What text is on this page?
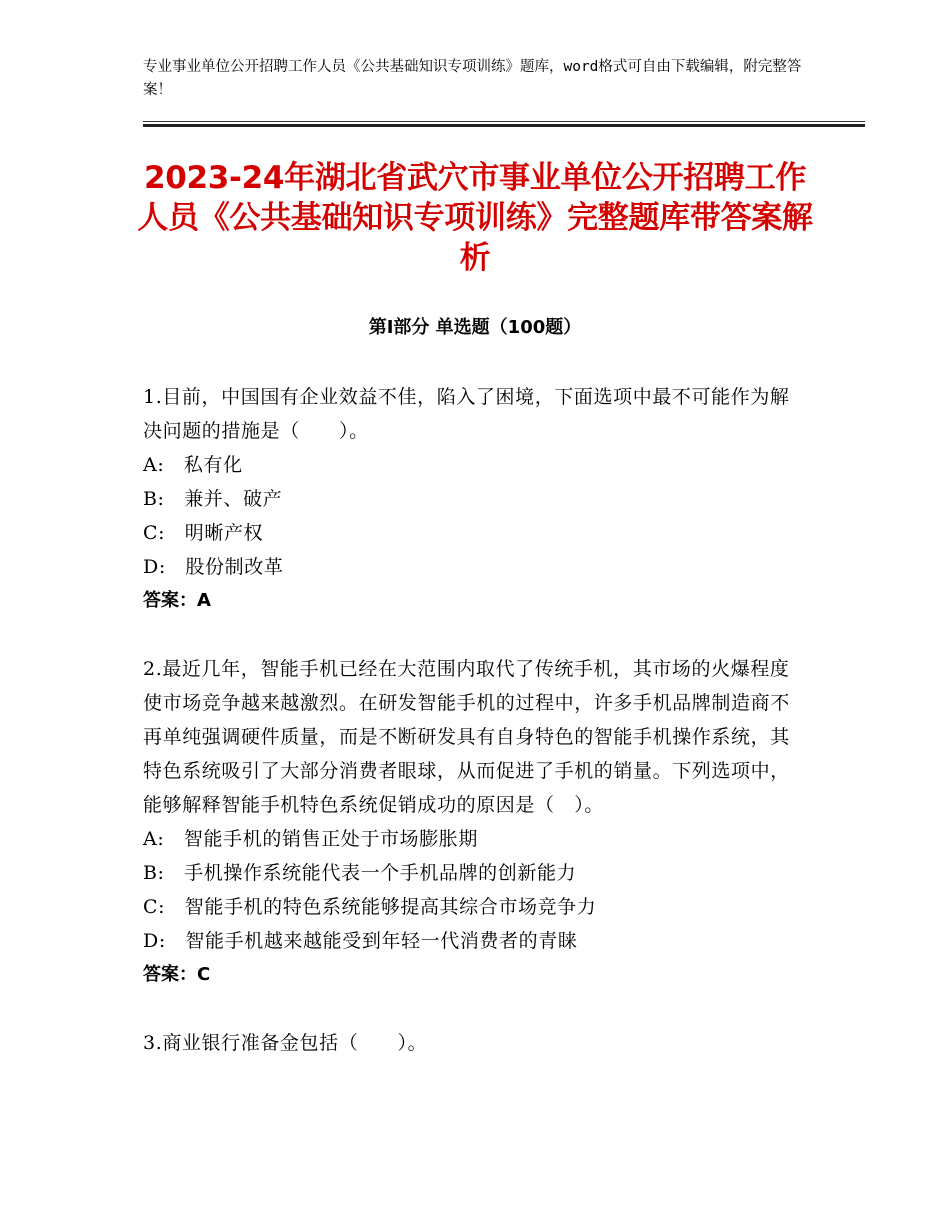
专业事业单位公开招聘工作人员《公共基础知识专项训练》题库，word格式可自由下载编辑，附完整答案！
2023-24年湖北省武穴市事业单位公开招聘工作人员《公共基础知识专项训练》完整题库带答案解析
第Ⅰ部分 单选题（100题）

1.目前，中国国有企业效益不佳，陷入了困境，下面选项中最不可能作为解决问题的措施是（　　）。

A:　私有化

B:　兼并、破产

C:　明晰产权

D:　股份制改革

答案：A

2.最近几年，智能手机已经在大范围内取代了传统手机，其市场的火爆程度使市场竞争越来越激烈。在研发智能手机的过程中，许多手机品牌制造商不再单纯强调硬件质量，而是不断研发具有自身特色的智能手机操作系统，其特色系统吸引了大部分消费者眼球，从而促进了手机的销量。下列选项中，能够解释智能手机特色系统促销成功的原因是（　）。

A:　智能手机的销售正处于市场膨胀期

B:　手机操作系统能代表一个手机品牌的创新能力

C:　智能手机的特色系统能够提高其综合市场竞争力

D:　智能手机越来越能受到年轻一代消费者的青睐

答案：C

3.商业银行准备金包括（　　）。
